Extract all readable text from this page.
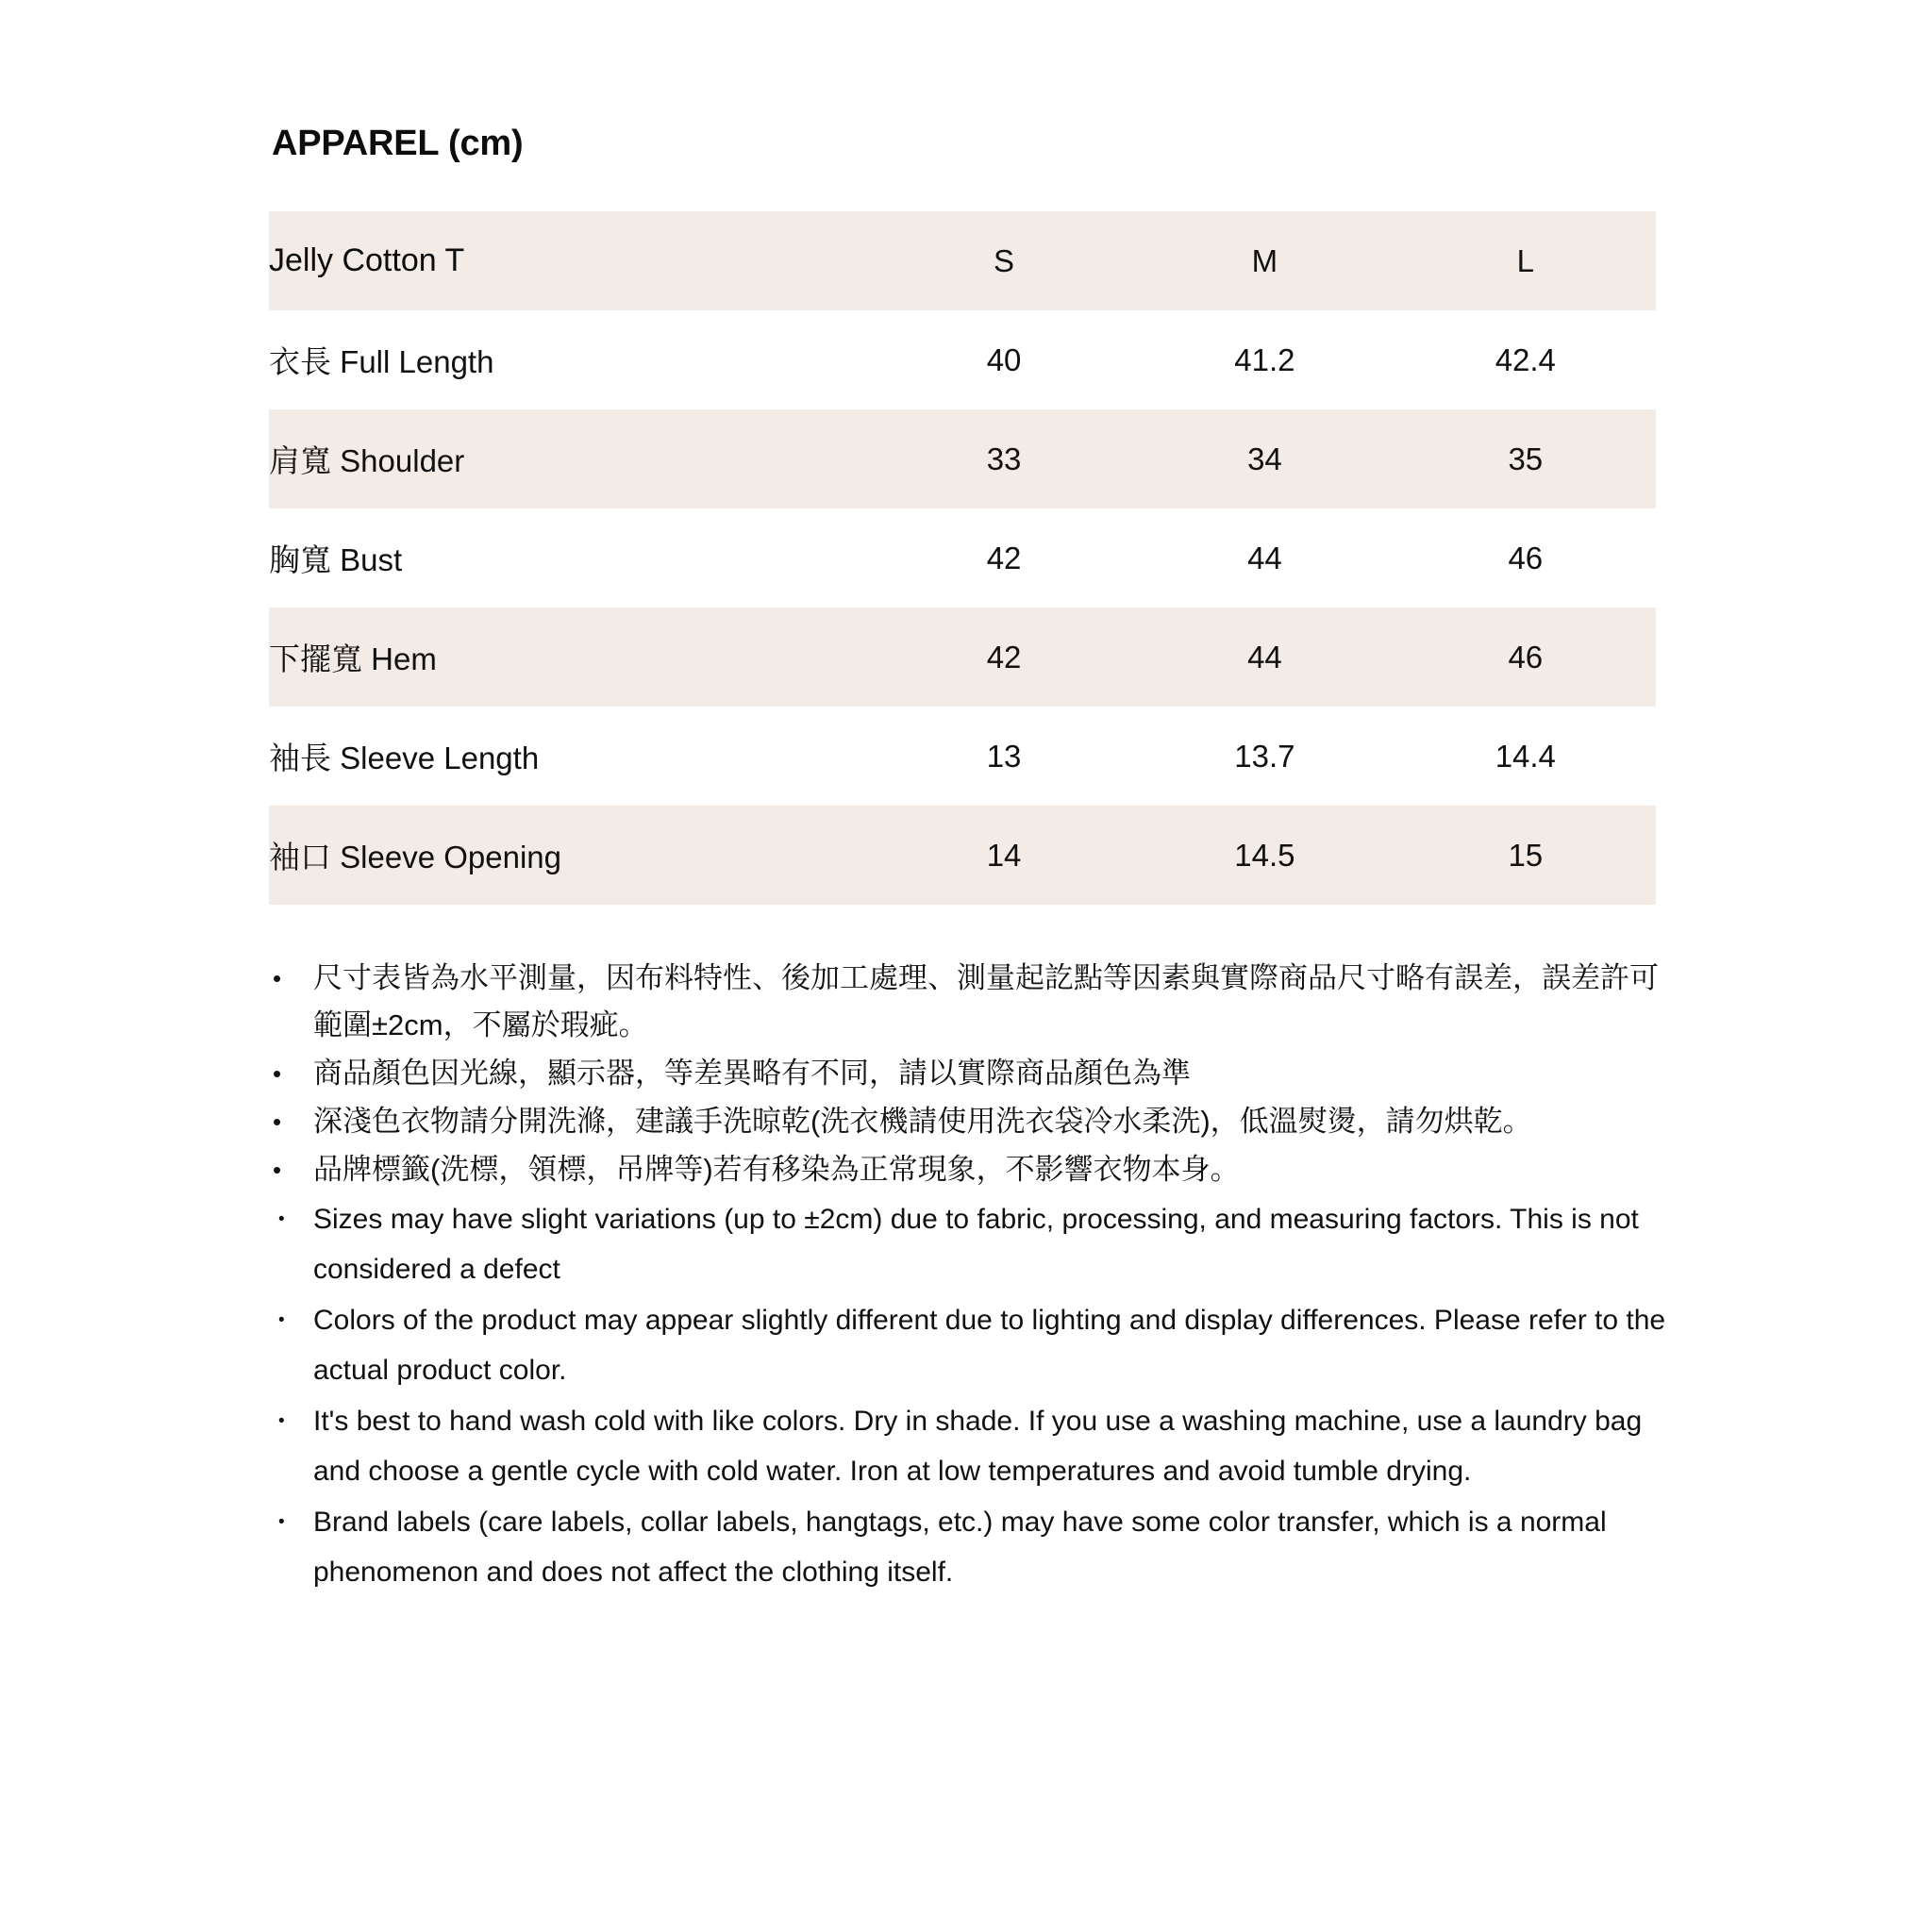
APPAREL (cm)
Jelly Cotton T	S	M	L
衣長 Full Length	40	41.2	42.4
肩寬 Shoulder	33	34	35
胸寬 Bust	42	44	46
下擺寬 Hem	42	44	46
袖長 Sleeve Length	13	13.7	14.4
袖口 Sleeve Opening	14	14.5	15
• 尺寸表皆為水平測量，因布料特性、後加工處理、測量起訖點等因素與實際商品尺寸略有誤差，誤差許可範圍±2cm，不屬於瑕疵。
• 商品顏色因光線，顯示器，等差異略有不同，請以實際商品顏色為準
• 深淺色衣物請分開洗滌，建議手洗晾乾(洗衣機請使用洗衣袋冷水柔洗)，低溫熨燙，請勿烘乾。
• 品牌標籤(洗標，領標，吊牌等)若有移染為正常現象，不影響衣物本身。
• Sizes may have slight variations (up to ±2cm) due to fabric, processing, and measuring factors. This is not considered a defect
• Colors of the product may appear slightly different due to lighting and display differences. Please refer to the actual product color.
• It's best to hand wash cold with like colors. Dry in shade. If you use a washing machine, use a laundry bag and choose a gentle cycle with cold water. Iron at low temperatures and avoid tumble drying.
• Brand labels (care labels, collar labels, hangtags, etc.) may have some color transfer, which is a normal phenomenon and does not affect the clothing itself.
